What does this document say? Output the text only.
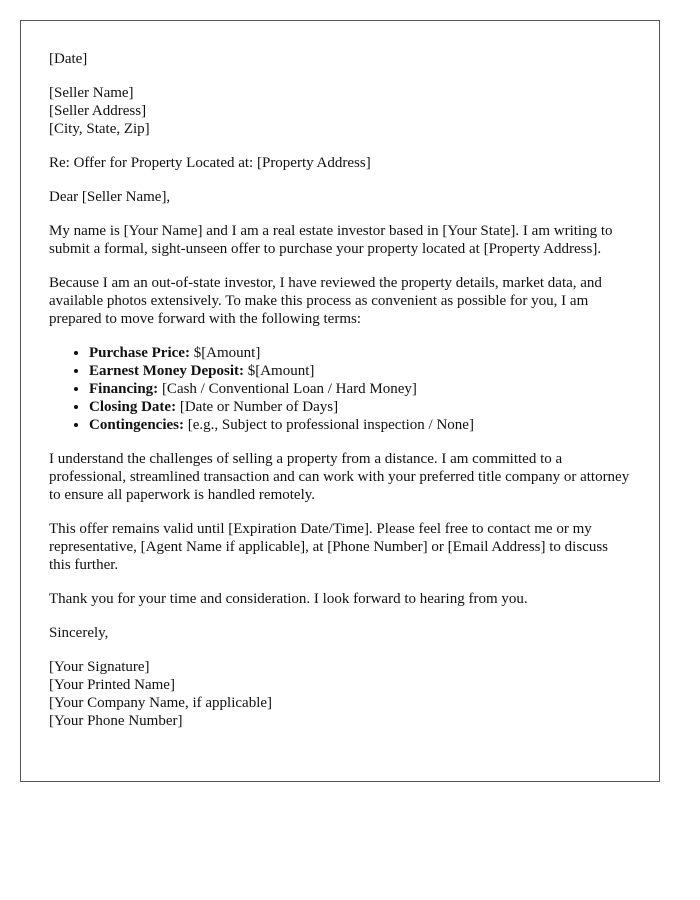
[Date]

[Seller Name]
[Seller Address]
[City, State, Zip]

Re: Offer for Property Located at: [Property Address]

Dear [Seller Name],

My name is [Your Name] and I am a real estate investor based in [Your State]. I am writing to submit a formal, sight-unseen offer to purchase your property located at [Property Address].

Because I am an out-of-state investor, I have reviewed the property details, market data, and available photos extensively. To make this process as convenient as possible for you, I am prepared to move forward with the following terms:

• Purchase Price: $[Amount]
• Earnest Money Deposit: $[Amount]
• Financing: [Cash / Conventional Loan / Hard Money]
• Closing Date: [Date or Number of Days]
• Contingencies: [e.g., Subject to professional inspection / None]

I understand the challenges of selling a property from a distance. I am committed to a professional, streamlined transaction and can work with your preferred title company or attorney to ensure all paperwork is handled remotely.

This offer remains valid until [Expiration Date/Time]. Please feel free to contact me or my representative, [Agent Name if applicable], at [Phone Number] or [Email Address] to discuss this further.

Thank you for your time and consideration. I look forward to hearing from you.

Sincerely,

[Your Signature]
[Your Printed Name]
[Your Company Name, if applicable]
[Your Phone Number]
